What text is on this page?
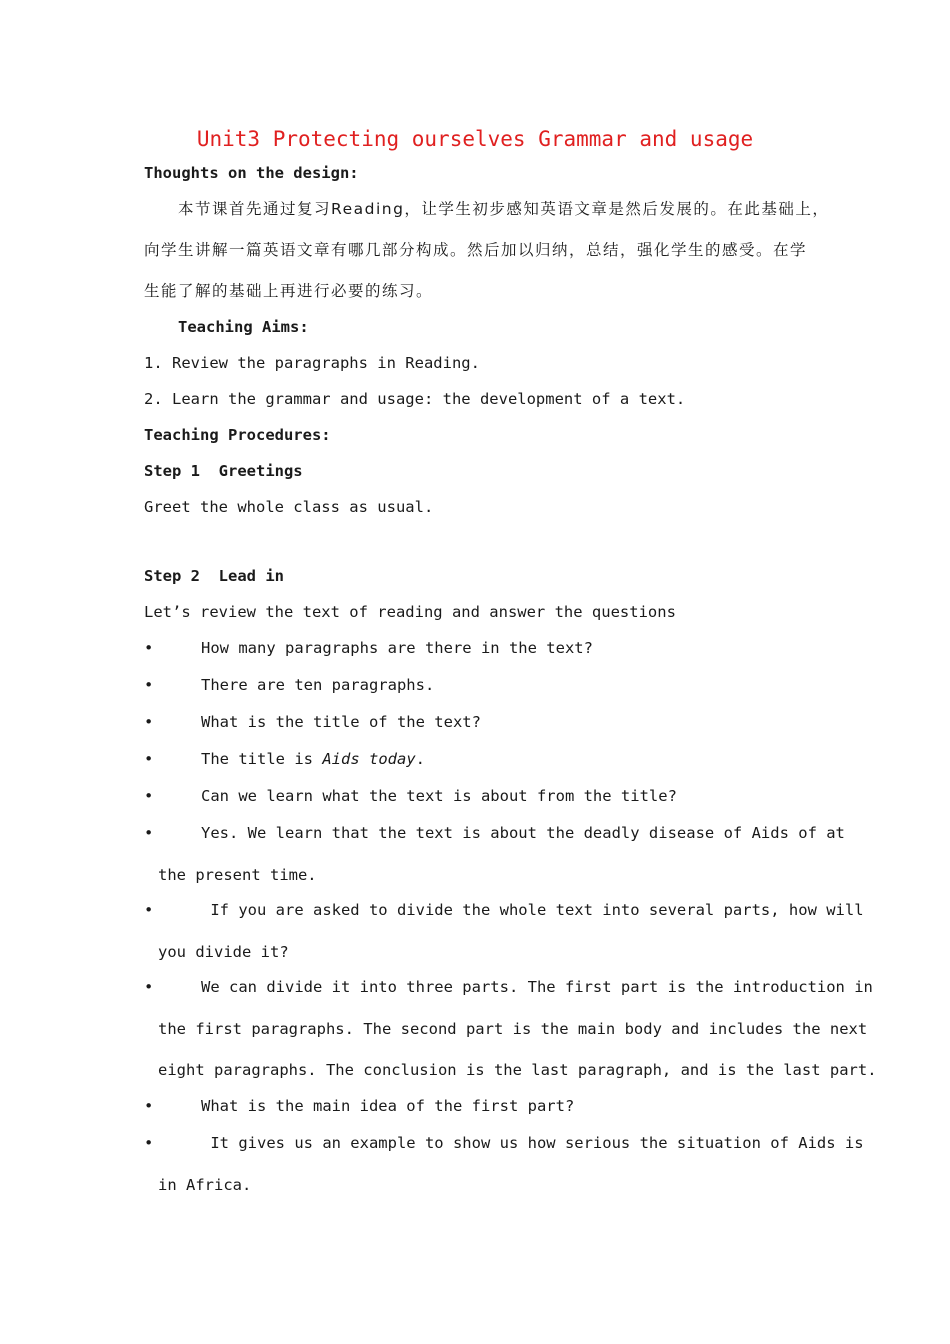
Unit3 Protecting ourselves Grammar and usage
Thoughts on the design:
本节课首先通过复习Reading，让学生初步感知英语文章是然后发展的。在此基础上，
向学生讲解一篇英语文章有哪几部分构成。然后加以归纳，总结，强化学生的感受。在学
生能了解的基础上再进行必要的练习。
Teaching Aims:
1. Review the paragraphs in Reading.
2. Learn the grammar and usage: the development of a text.
Teaching Procedures:
Step 1  Greetings
Greet the whole class as usual.
Step 2  Lead in
Let’s review the text of reading and answer the questions
•	How many paragraphs are there in the text?
•	There are ten paragraphs.
•	What is the title of the text?
•	The title is Aids today.
•	Can we learn what the text is about from the title?
•	Yes. We learn that the text is about the deadly disease of Aids of at
the present time.
•	If you are asked to divide the whole text into several parts, how will
you divide it?
•	We can divide it into three parts. The first part is the introduction in
the first paragraphs. The second part is the main body and includes the next
eight paragraphs. The conclusion is the last paragraph, and is the last part.
•	What is the main idea of the first part?
•	It gives us an example to show us how serious the situation of Aids is
in Africa.
